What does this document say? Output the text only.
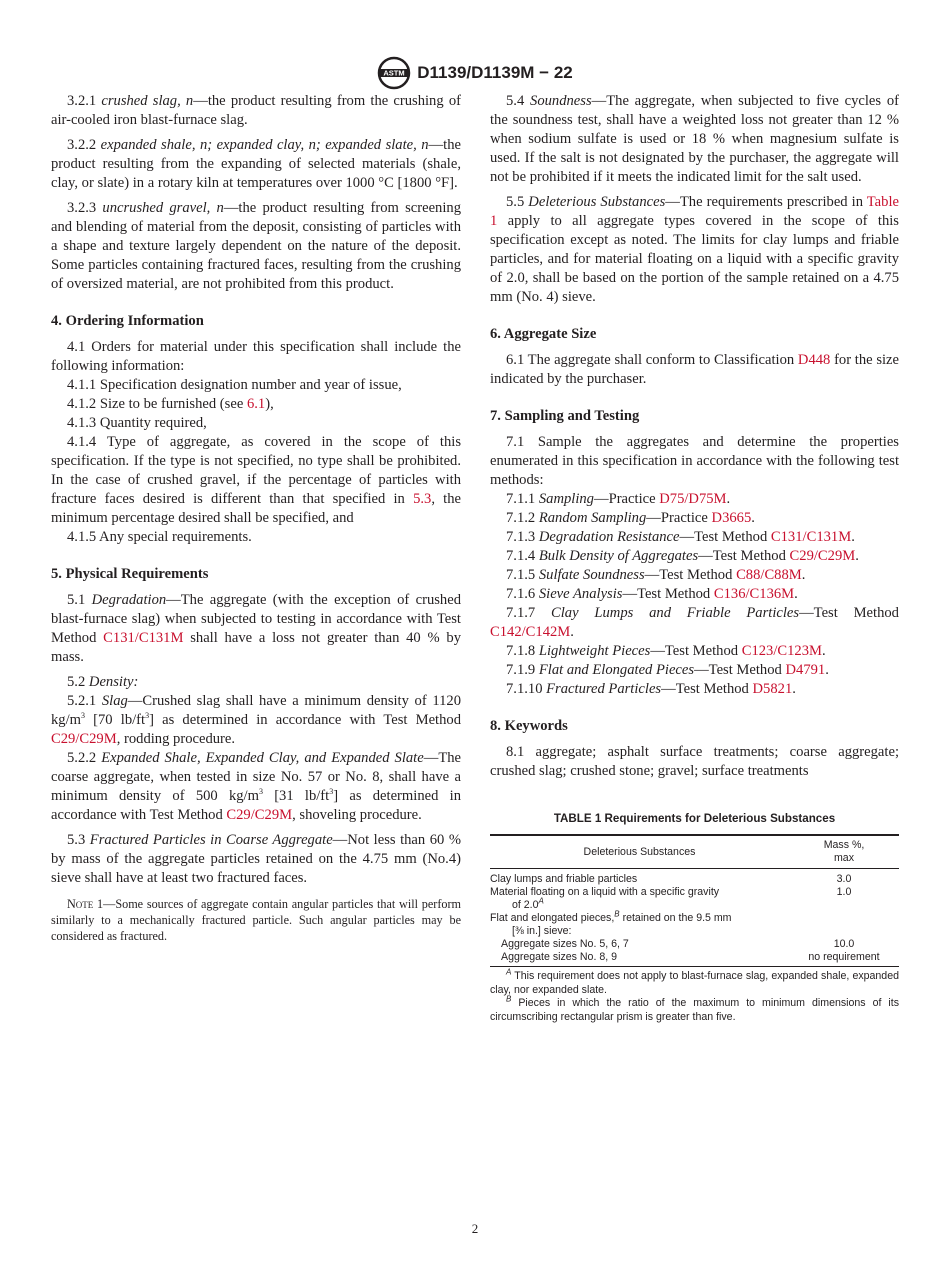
ASTM D1139/D1139M − 22

3.2.1 crushed slag, n—the product resulting from the crushing of air-cooled iron blast-furnace slag.

3.2.2 expanded shale, n; expanded clay, n; expanded slate, n—the product resulting from the expanding of selected materials (shale, clay, or slate) in a rotary kiln at temperatures over 1000 °C [1800 °F].

3.2.3 uncrushed gravel, n—the product resulting from screening and blending of material from the deposit, consisting of particles with a shape and texture largely dependent on the nature of the deposit. Some particles containing fractured faces, resulting from the crushing of oversized material, are not prohibited from this product.

4. Ordering Information

4.1 Orders for material under this specification shall include the following information:

4.1.1 Specification designation number and year of issue,

4.1.2 Size to be furnished (see 6.1),

4.1.3 Quantity required,

4.1.4 Type of aggregate, as covered in the scope of this specification. If the type is not specified, no type shall be prohibited. In the case of crushed gravel, if the percentage of particles with fracture faces desired is different than that specified in 5.3, the minimum percentage desired shall be specified, and

4.1.5 Any special requirements.

5. Physical Requirements

5.1 Degradation—The aggregate (with the exception of crushed blast-furnace slag) when subjected to testing in accordance with Test Method C131/C131M shall have a loss not greater than 40 % by mass.

5.2 Density:

5.2.1 Slag—Crushed slag shall have a minimum density of 1120 $kg/m^3$ [70 $lb/ft^3$] as determined in accordance with Test Method C29/C29M, rodding procedure.

5.2.2 Expanded Shale, Expanded Clay, and Expanded Slate—The coarse aggregate, when tested in size No. 57 or No. 8, shall have a minimum density of 500 $kg/m^3$ [31 $lb/ft^3$] as determined in accordance with Test Method C29/C29M, shoveling procedure.

5.3 Fractured Particles in Coarse Aggregate—Not less than 60 % by mass of the aggregate particles retained on the 4.75 mm (No.4) sieve shall have at least two fractured faces.

Note 1—Some sources of aggregate contain angular particles that will perform similarly to a mechanically fractured particle. Such angular particles may be considered as fractured.

5.4 Soundness—The aggregate, when subjected to five cycles of the soundness test, shall have a weighted loss not greater than 12 % when sodium sulfate is used or 18 % when magnesium sulfate is used. If the salt is not designated by the purchaser, the aggregate will not be prohibited if it meets the indicated limit for the salt used.

5.5 Deleterious Substances—The requirements prescribed in Table 1 apply to all aggregate types covered in the scope of this specification except as noted. The limits for clay lumps and friable particles, and for material floating on a liquid with a specific gravity of 2.0, shall be based on the portion of the sample retained on a 4.75 mm (No. 4) sieve.

6. Aggregate Size

6.1 The aggregate shall conform to Classification D448 for the size indicated by the purchaser.

7. Sampling and Testing

7.1 Sample the aggregates and determine the properties enumerated in this specification in accordance with the following test methods:

7.1.1 Sampling—Practice D75/D75M.

7.1.2 Random Sampling—Practice D3665.

7.1.3 Degradation Resistance—Test Method C131/C131M.

7.1.4 Bulk Density of Aggregates—Test Method C29/C29M.

7.1.5 Sulfate Soundness—Test Method C88/C88M.

7.1.6 Sieve Analysis—Test Method C136/C136M.

7.1.7 Clay Lumps and Friable Particles—Test Method C142/C142M.

7.1.8 Lightweight Pieces—Test Method C123/C123M.

7.1.9 Flat and Elongated Pieces—Test Method D4791.

7.1.10 Fractured Particles—Test Method D5821.

8. Keywords

8.1 aggregate; asphalt surface treatments; coarse aggregate; crushed slag; crushed stone; gravel; surface treatments

TABLE 1 Requirements for Deleterious Substances
Deleterious Substances	Mass %,
max
Clay lumps and friable particles	3.0
Material floating on a liquid with a specific gravity
of $2.0^A$	1.0
Flat and elongated pieces,$^B$ retained on the 9.5 mm
[⅜ in.] sieve:	
Aggregate sizes No. 5, 6, 7	10.0
Aggregate sizes No. 8, 9	no requirement

$^A$ This requirement does not apply to blast-furnace slag, expanded shale, expanded clay, nor expanded slate.

$^B$ Pieces in which the ratio of the maximum to minimum dimensions of its circumscribing rectangular prism is greater than five.

2
